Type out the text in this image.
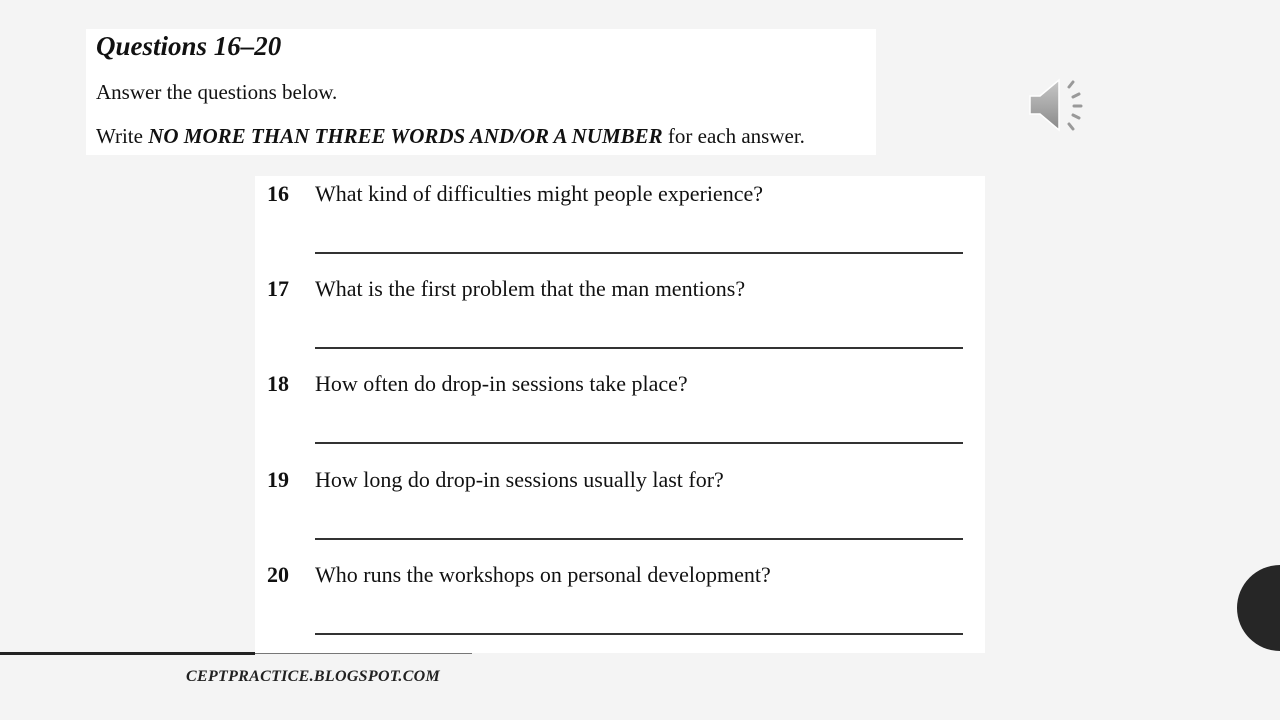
Questions 16–20
Answer the questions below.
Write NO MORE THAN THREE WORDS AND/OR A NUMBER for each answer.
16 What kind of difficulties might people experience?
17 What is the first problem that the man mentions?
18 How often do drop-in sessions take place?
19 How long do drop-in sessions usually last for?
20 Who runs the workshops on personal development?
CEPTPRACTICE.BLOGSPOT.COM
